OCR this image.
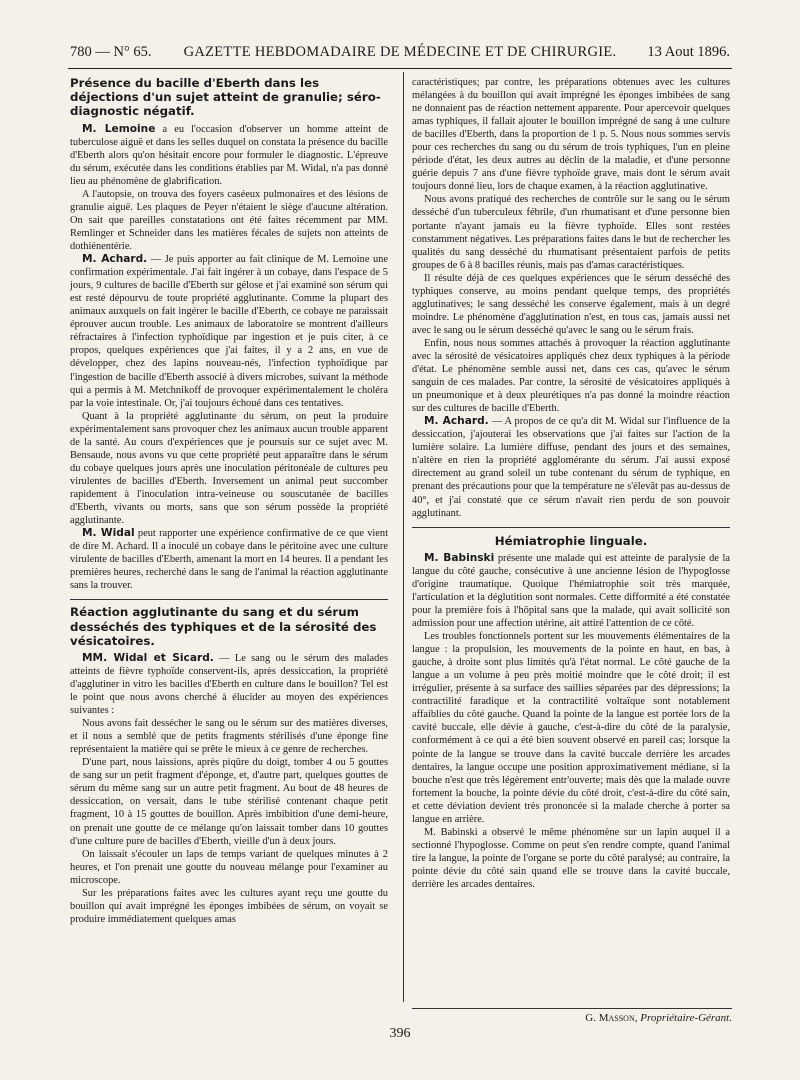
780 — N° 65.	GAZETTE HEBDOMADAIRE DE MÉDECINE ET DE CHIRURGIE.	13 Aout 1896.
Présence du bacille d'Eberth dans les déjections d'un sujet atteint de granulie; séro-diagnostic négatif.

M. Lemoine a eu l'occasion d'observer un homme atteint de tuberculose aiguë et dans les selles duquel on constata la présence du bacille d'Eberth alors qu'on hésitait encore pour formuler le diagnostic. L'épreuve du sérum, exécutée dans les conditions établies par M. Widal, n'a pas donné lieu au phénomène de glabrification.

A l'autopsie, on trouva des foyers caséeux pulmonaires et des lésions de granulie aiguë. Les plaques de Peyer n'étaient le siège d'aucune altération. On sait que pareilles constatations ont été faites récemment par MM. Remlinger et Schneider dans les matières fécales de sujets non atteints de dothiénentérie.

M. Achard. — Je puis apporter au fait clinique de M. Lemoine une confirmation expérimentale. J'ai fait ingérer à un cobaye, dans l'espace de 5 jours, 9 cultures de bacille d'Eberth sur gélose et j'ai examiné son sérum qui est resté dépourvu de toute propriété agglutinante. Comme la plupart des animaux auxquels on fait ingérer le bacille d'Eberth, ce cobaye ne paraissait éprouver aucun trouble. Les animaux de laboratoire se montrent d'ailleurs réfractaires à l'infection typhoïdique par ingestion et je puis citer, à ce propos, quelques expériences que j'ai faites, il y a 2 ans, en vue de développer, chez des lapins nouveau-nés, l'infection typhoïdique par l'ingestion de bacille d'Eberth associé à divers microbes, suivant la méthode qui a permis à M. Metchnikoff de provoquer expérimentalement le choléra par la voie intestinale. Or, j'ai toujours échoué dans ces tentatives.

Quant à la propriété agglutinante du sérum, on peut la produire expérimentalement sans provoquer chez les animaux aucun trouble apparent de la santé. Au cours d'expériences que je poursuis sur ce sujet avec M. Bensaude, nous avons vu que cette propriété peut apparaître dans le sérum du cobaye quelques jours après une inoculation péritonéale de cultures peu virulentes de bacilles d'Eberth. Inversement un animal peut succomber rapidement à l'inoculation intra-veineuse ou souscutanée de bacilles d'Eberth, vivants ou morts, sans que son sérum possède la propriété agglutinante.

M. Widal peut rapporter une expérience confirmative de ce que vient de dire M. Achard. Il a inoculé un cobaye dans le péritoine avec une culture virulente de bacilles d'Eberth, amenant la mort en 14 heures. Il a pendant les premières heures, recherché dans le sang de l'animal la réaction agglutinante sans la trouver.

Réaction agglutinante du sang et du sérum desséchés des typhiques et de la sérosité des vésicatoires.

MM. Widal et Sicard. — Le sang ou le sérum des malades atteints de fièvre typhoïde conservent-ils, après dessiccation, la propriété d'agglutiner in vitro les bacilles d'Eberth en culture dans le bouillon? Tel est le point que nous avons cherché à élucider au moyen des expériences suivantes :

Nous avons fait dessécher le sang ou le sérum sur des matières diverses, et il nous a semblé que de petits fragments stérilisés d'une éponge fine représentaient la matière qui se prête le mieux à ce genre de recherches.

D'une part, nous laissions, après piqûre du doigt, tomber 4 ou 5 gouttes de sang sur un petit fragment d'éponge, et, d'autre part, quelques gouttes de sérum du même sang sur un autre petit fragment. Au bout de 48 heures de dessiccation, on versait, dans le tube stérilisé contenant chaque petit fragment, 10 à 15 gouttes de bouillon. Après imbibition d'une demi-heure, on prenait une goutte de ce mélange qu'on laissait tomber dans 10 gouttes d'une culture pure de bacilles d'Eberth, vieille d'un à deux jours.

On laissait s'écouler un laps de temps variant de quelques minutes à 2 heures, et l'on prenait une goutte du nouveau mélange pour l'examiner au microscope.

Sur les préparations faites avec les cultures ayant reçu une goutte du bouillon qui avait imprégné les éponges imbibées de sérum, on voyait se produire immédiatement quelques amas

caractéristiques; par contre, les préparations obtenues avec les cultures mélangées à du bouillon qui avait imprégné les éponges imbibées de sang ne donnaient pas de réaction nettement apparente. Pour apercevoir quelques amas typhiques, il fallait ajouter le bouillon imprégné de sang à une culture de bacilles d'Eberth, dans la proportion de 1 p. 5. Nous nous sommes servis pour ces recherches du sang ou du sérum de trois typhiques, l'un en pleine période d'état, les deux autres au déclin de la maladie, et d'une personne guérie depuis 7 ans d'une fièvre typhoïde grave, mais dont le sérum avait toujours donné lieu, lors de chaque examen, à la réaction agglutinative.

Nous avons pratiqué des recherches de contrôle sur le sang ou le sérum desséché d'un tuberculeux fébrile, d'un rhumatisant et d'une personne bien portante n'ayant jamais eu la fièvre typhoïde. Elles sont restées constamment négatives. Les préparations faites dans le but de rechercher les qualités du sang desséché du rhumatisant présentaient parfois de petits groupes de 6 à 8 bacilles réunis, mais pas d'amas caractéristiques.

Il résulte déjà de ces quelques expériences que le sérum desséché des typhiques conserve, au moins pendant quelque temps, des propriétés agglutinatives; le sang desséché les conserve également, mais à un degré moindre. Le phénomène d'agglutination n'est, en tous cas, jamais aussi net avec le sang ou le sérum desséché qu'avec le sang ou le sérum frais.

Enfin, nous nous sommes attachés à provoquer la réaction agglutinante avec la sérosité de vésicatoires appliqués chez deux typhiques à la période d'état. Le phénomène semble aussi net, dans ces cas, qu'avec le sérum sanguin de ces malades. Par contre, la sérosité de vésicatoires appliqués à un pneumonique et à deux pleurétiques n'a pas donné la moindre réaction sur des cultures de bacille d'Eberth.

M. Achard. — A propos de ce qu'a dit M. Widal sur l'influence de la dessiccation, j'ajouterai les observations que j'ai faites sur l'action de la lumière solaire. La lumière diffuse, pendant des jours et des semaines, n'altère en rien la propriété agglomérante du sérum. J'ai aussi exposé directement au grand soleil un tube contenant du sérum de typhique, en prenant des précautions pour que la température ne s'élevât pas au-dessus de 40°, et j'ai constaté que ce sérum n'avait rien perdu de son pouvoir agglutinant.

Hémiatrophie linguale.

M. Babinski présente une malade qui est atteinte de paralysie de la langue du côté gauche, consécutive à une ancienne lésion de l'hypoglosse d'origine traumatique. Quoique l'hémiatrophie soit très marquée, l'articulation et la déglutition sont normales. Cette difformité a été constatée pour la première fois à l'hôpital sans que la malade, qui avait sollicité son admission pour une affection utérine, ait attiré l'attention de ce côté.

Les troubles fonctionnels portent sur les mouvements élémentaires de la langue : la propulsion, les mouvements de la pointe en haut, en bas, à gauche, à droite sont plus limités qu'à l'état normal. Le côté gauche de la langue a un volume à peu près moitié moindre que le côté droit; il est irrégulier, présente à sa surface des saillies séparées par des dépressions; la contractilité faradique et la contractilité voltaïque sont notablement affaiblies du côté gauche. Quand la pointe de la langue est portée lors de la cavité buccale, elle dévie à gauche, c'est-à-dire du côté de la paralysie, conformément à ce qui a été bien souvent observé en pareil cas; lorsque la pointe de la langue se trouve dans la cavité buccale derrière les arcades dentaires, la langue occupe une position approximativement médiane, si la bouche n'est que très légèrement entr'ouverte; mais dès que la malade ouvre fortement la bouche, la pointe dévie du côté droit, c'est-à-dire du côté sain, et cette déviation devient très prononcée si la malade cherche à porter sa langue en arrière.

M. Babinski a observé le même phénomène sur un lapin auquel il a sectionné l'hypoglosse. Comme on peut s'en rendre compte, quand l'animal tire la langue, la pointe de l'organe se porte du côté paralysé; au contraire, la pointe dévie du côté sain quand elle se trouve dans la cavité buccale, derrière les arcades dentaires.

G. Masson, Propriétaire-Gérant.
396
